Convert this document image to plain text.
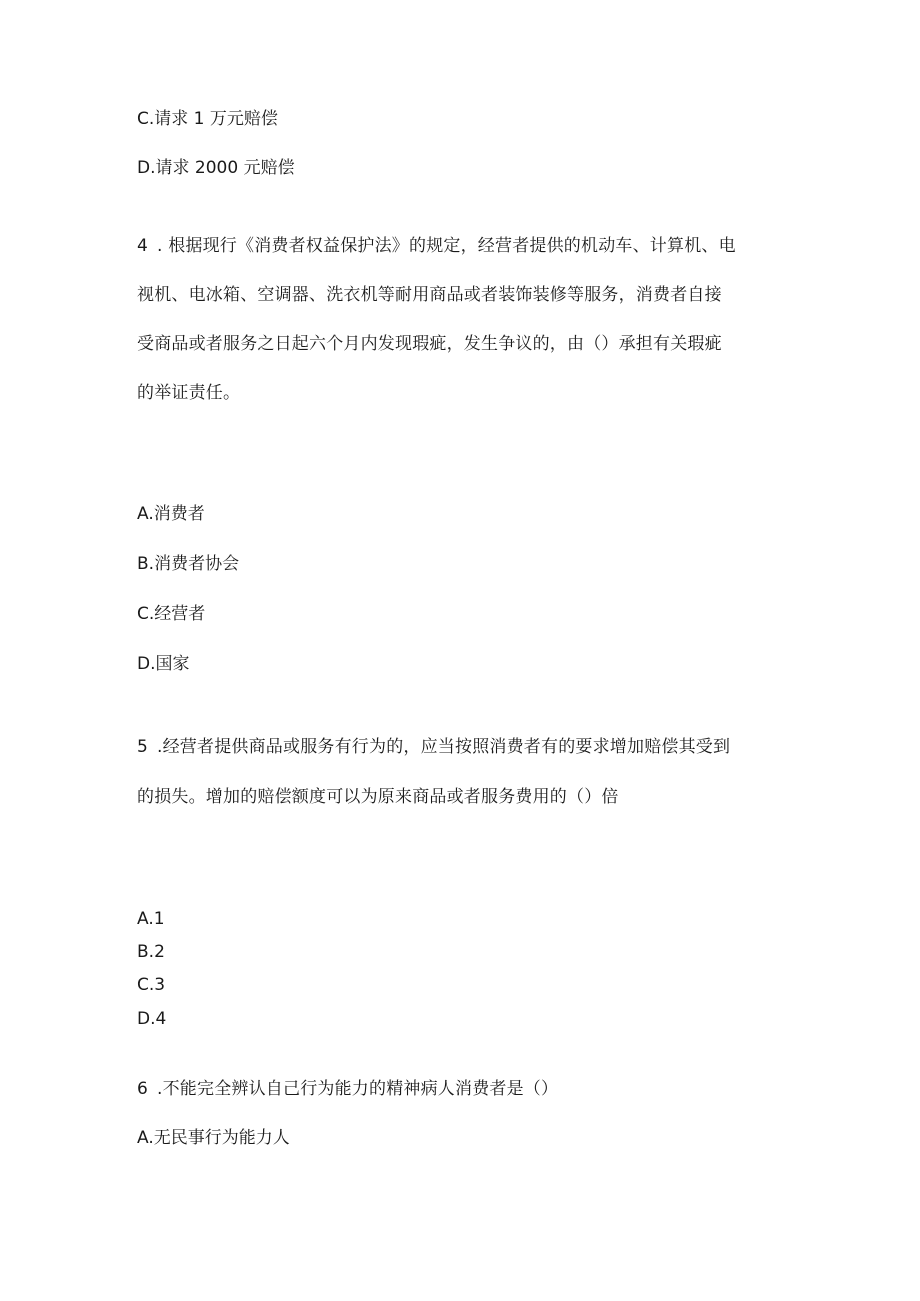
C.请求 1 万元赔偿
D.请求 2000 元赔偿
4 . 根据现行《消费者权益保护法》的规定，经营者提供的机动车、计算机、电
视机、电冰箱、空调器、洗衣机等耐用商品或者装饰装修等服务，消费者自接
受商品或者服务之日起六个月内发现瑕疵，发生争议的，由（）承担有关瑕疵
的举证责任。
A.消费者
B.消费者协会
C.经营者
D.国家
5 .经营者提供商品或服务有行为的，应当按照消费者有的要求增加赔偿其受到
的损失。增加的赔偿额度可以为原来商品或者服务费用的（）倍
A.1
B.2
C.3
D.4
6 .不能完全辨认自己行为能力的精神病人消费者是（）
A.无民事行为能力人
